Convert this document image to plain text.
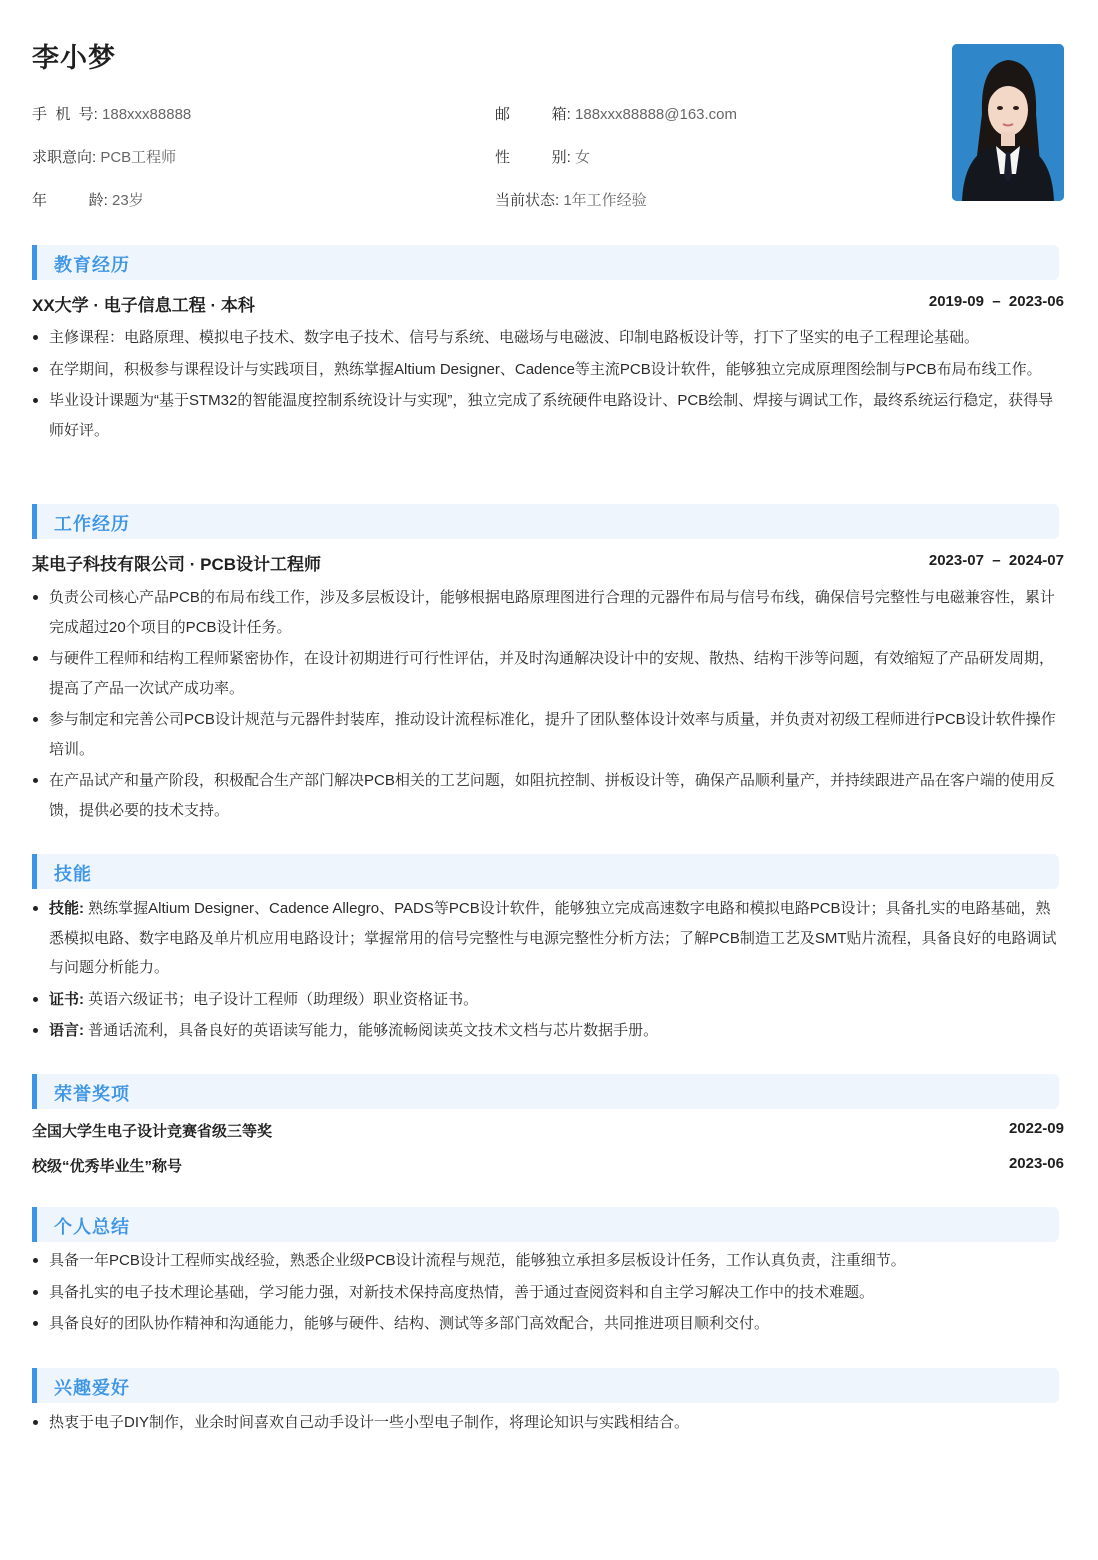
李小梦
手  机  号: 188xxx88888	邮          箱: 188xxx88888@163.com
求职意向: PCB工程师	性          别: 女
年          龄: 23岁	当前状态: 1年工作经验
教育经历
XX大学 · 电子信息工程 · 本科	2019-09  –  2023-06
主修课程：电路原理、模拟电子技术、数字电子技术、信号与系统、电磁场与电磁波、印制电路板设计等，打下了坚实的电子工程理论基础。
在学期间，积极参与课程设计与实践项目，熟练掌握Altium Designer、Cadence等主流PCB设计软件，能够独立完成原理图绘制与PCB布局布线工作。
毕业设计课题为“基于STM32的智能温度控制系统设计与实现”，独立完成了系统硬件电路设计、PCB绘制、焊接与调试工作，最终系统运行稳定，获得导师好评。
工作经历
某电子科技有限公司 · PCB设计工程师	2023-07  –  2024-07
负责公司核心产品PCB的布局布线工作，涉及多层板设计，能够根据电路原理图进行合理的元器件布局与信号布线，确保信号完整性与电磁兼容性，累计完成超过20个项目的PCB设计任务。
与硬件工程师和结构工程师紧密协作，在设计初期进行可行性评估，并及时沟通解决设计中的安规、散热、结构干涉等问题，有效缩短了产品研发周期，提高了产品一次试产成功率。
参与制定和完善公司PCB设计规范与元器件封装库，推动设计流程标准化，提升了团队整体设计效率与质量，并负责对初级工程师进行PCB设计软件操作培训。
在产品试产和量产阶段，积极配合生产部门解决PCB相关的工艺问题，如阻抗控制、拼板设计等，确保产品顺利量产，并持续跟进产品在客户端的使用反馈，提供必要的技术支持。
技能
技能: 熟练掌握Altium Designer、Cadence Allegro、PADS等PCB设计软件，能够独立完成高速数字电路和模拟电路PCB设计；具备扎实的电路基础，熟悉模拟电路、数字电路及单片机应用电路设计；掌握常用的信号完整性与电源完整性分析方法；了解PCB制造工艺及SMT贴片流程，具备良好的电路调试与问题分析能力。
证书: 英语六级证书；电子设计工程师（助理级）职业资格证书。
语言: 普通话流利，具备良好的英语读写能力，能够流畅阅读英文技术文档与芯片数据手册。
荣誉奖项
全国大学生电子设计竞赛省级三等奖	2022-09
校级“优秀毕业生”称号	2023-06
个人总结
具备一年PCB设计工程师实战经验，熟悉企业级PCB设计流程与规范，能够独立承担多层板设计任务，工作认真负责，注重细节。
具备扎实的电子技术理论基础，学习能力强，对新技术保持高度热情，善于通过查阅资料和自主学习解决工作中的技术难题。
具备良好的团队协作精神和沟通能力，能够与硬件、结构、测试等多部门高效配合，共同推进项目顺利交付。
兴趣爱好
热衷于电子DIY制作，业余时间喜欢自己动手设计一些小型电子制作，将理论知识与实践相结合。
